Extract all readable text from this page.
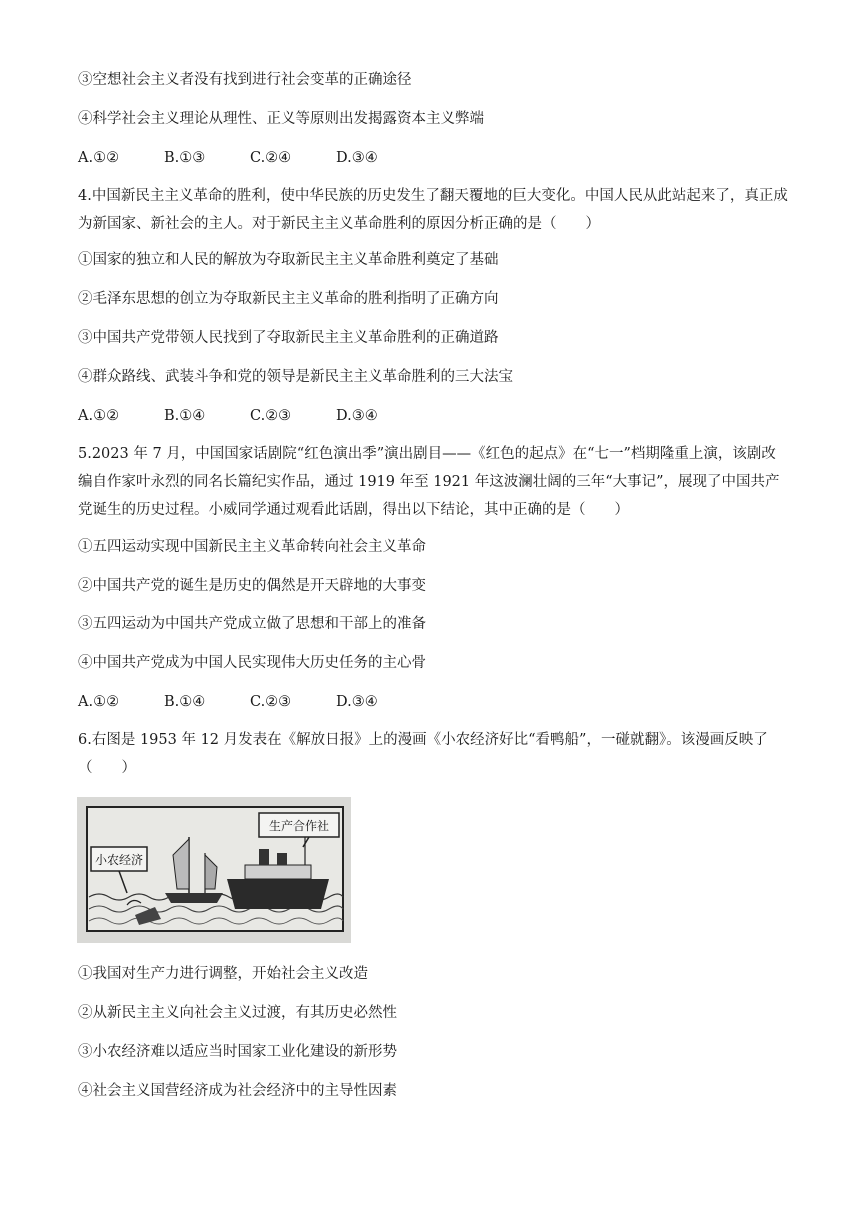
③空想社会主义者没有找到进行社会变革的正确途径
④科学社会主义理论从理性、正义等原则出发揭露资本主义弊端
A.①②	B.①③	C.②④	D.③④
4.中国新民主主义革命的胜利，使中华民族的历史发生了翻天覆地的巨大变化。中国人民从此站起来了，真正成为新国家、新社会的主人。对于新民主主义革命胜利的原因分析正确的是（　　）
①国家的独立和人民的解放为夺取新民主主义革命胜利奠定了基础
②毛泽东思想的创立为夺取新民主主义革命的胜利指明了正确方向
③中国共产党带领人民找到了夺取新民主主义革命胜利的正确道路
④群众路线、武装斗争和党的领导是新民主主义革命胜利的三大法宝
A.①②	B.①④	C.②③	D.③④
5.2023 年 7 月，中国国家话剧院“红色演出季”演出剧目——《红色的起点》在“七一”档期隆重上演，该剧改编自作家叶永烈的同名长篇纪实作品，通过 1919 年至 1921 年这波澜壮阔的三年“大事记”，展现了中国共产党诞生的历史过程。小威同学通过观看此话剧，得出以下结论，其中正确的是（　　）
①五四运动实现中国新民主主义革命转向社会主义革命
②中国共产党的诞生是历史的偶然是开天辟地的大事变
③五四运动为中国共产党成立做了思想和干部上的准备
④中国共产党成为中国人民实现伟大历史任务的主心骨
A.①②	B.①④	C.②③	D.③④
6.右图是 1953 年 12 月发表在《解放日报》上的漫画《小农经济好比“看鸭船”，一碰就翻》。该漫画反映了（　　）
小农经济
生产合作社
①我国对生产力进行调整，开始社会主义改造
②从新民主主义向社会主义过渡，有其历史必然性
③小农经济难以适应当时国家工业化建设的新形势
④社会主义国营经济成为社会经济中的主导性因素
